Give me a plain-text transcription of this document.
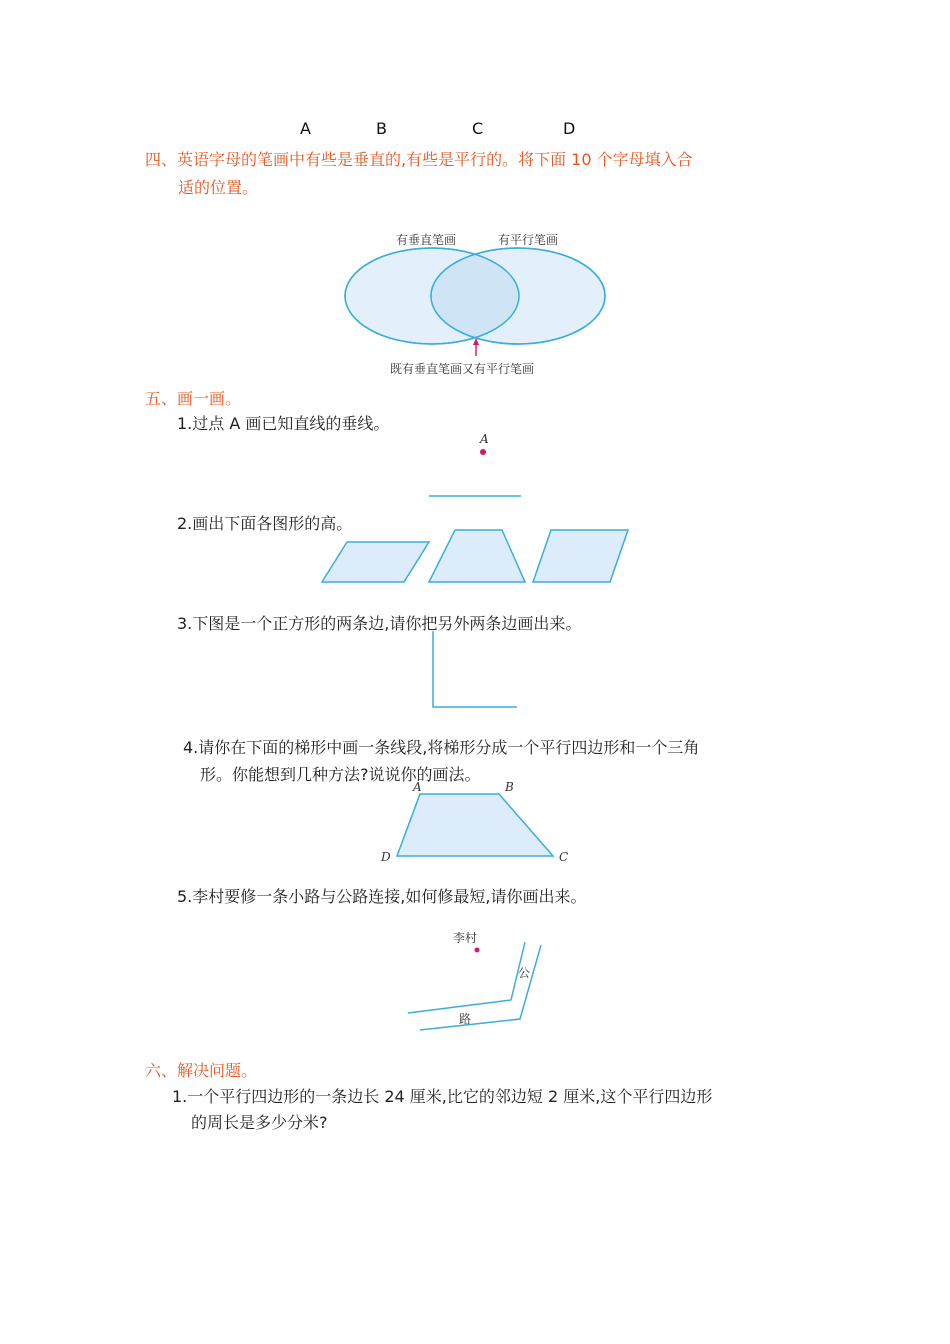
A	B	C	D
四、英语字母的笔画中有些是垂直的,有些是平行的。将下面 10 个字母填入合
适的位置。
有垂直笔画	有平行笔画
既有垂直笔画又有平行笔画
五、画一画。
1.过点 A 画已知直线的垂线。
A
2.画出下面各图形的高。
3.下图是一个正方形的两条边,请你把另外两条边画出来。
4.请你在下面的梯形中画一条线段,将梯形分成一个平行四边形和一个三角
形。你能想到几种方法?说说你的画法。
A	B
D	C
5.李村要修一条小路与公路连接,如何修最短,请你画出来。
李村
公
路
六、解决问题。
1.一个平行四边形的一条边长 24 厘米,比它的邻边短 2 厘米,这个平行四边形
的周长是多少分米?
